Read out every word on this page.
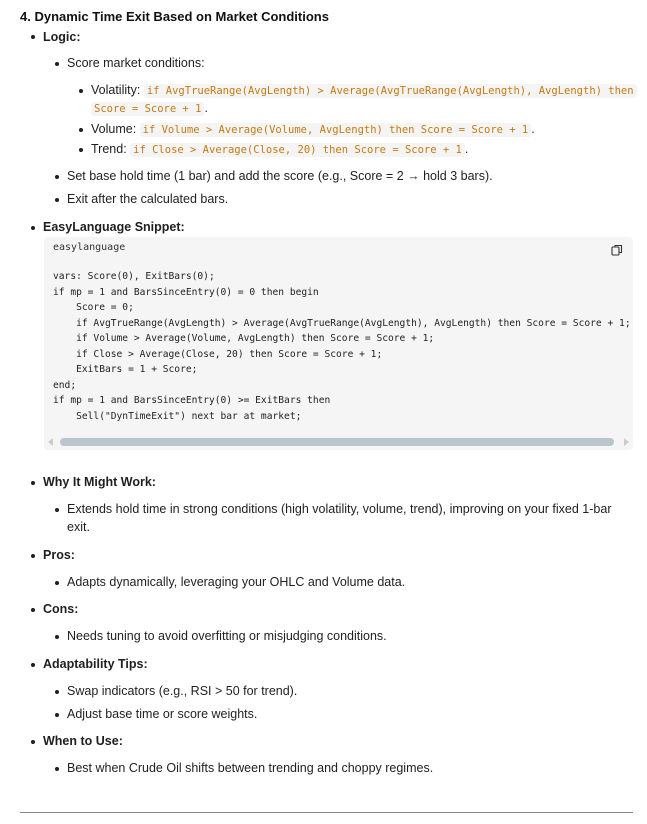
4. Dynamic Time Exit Based on Market Conditions
Logic:
Score market conditions:
Volatility: if AvgTrueRange(AvgLength) > Average(AvgTrueRange(AvgLength), AvgLength) then
Score = Score + 1 .
Volume: if Volume > Average(Volume, AvgLength) then Score = Score + 1 .
Trend: if Close > Average(Close, 20) then Score = Score + 1 .
Set base hold time (1 bar) and add the score (e.g., Score = 2 → hold 3 bars).
Exit after the calculated bars.
EasyLanguage Snippet:
easylanguage
vars: Score(0), ExitBars(0);
if mp = 1 and BarsSinceEntry(0) = 0 then begin
Score = 0;
if AvgTrueRange(AvgLength) > Average(AvgTrueRange(AvgLength), AvgLength) then Score = Score + 1;
if Volume > Average(Volume, AvgLength) then Score = Score + 1;
if Close > Average(Close, 20) then Score = Score + 1;
ExitBars = 1 + Score;
end;
if mp = 1 and BarsSinceEntry(0) >= ExitBars then
Sell("DynTimeExit") next bar at market;
Why It Might Work:
Extends hold time in strong conditions (high volatility, volume, trend), improving on your fixed 1-bar
exit.
Pros:
Adapts dynamically, leveraging your OHLC and Volume data.
Cons:
Needs tuning to avoid overfitting or misjudging conditions.
Adaptability Tips:
Swap indicators (e.g., RSI > 50 for trend).
Adjust base time or score weights.
When to Use:
Best when Crude Oil shifts between trending and choppy regimes.
